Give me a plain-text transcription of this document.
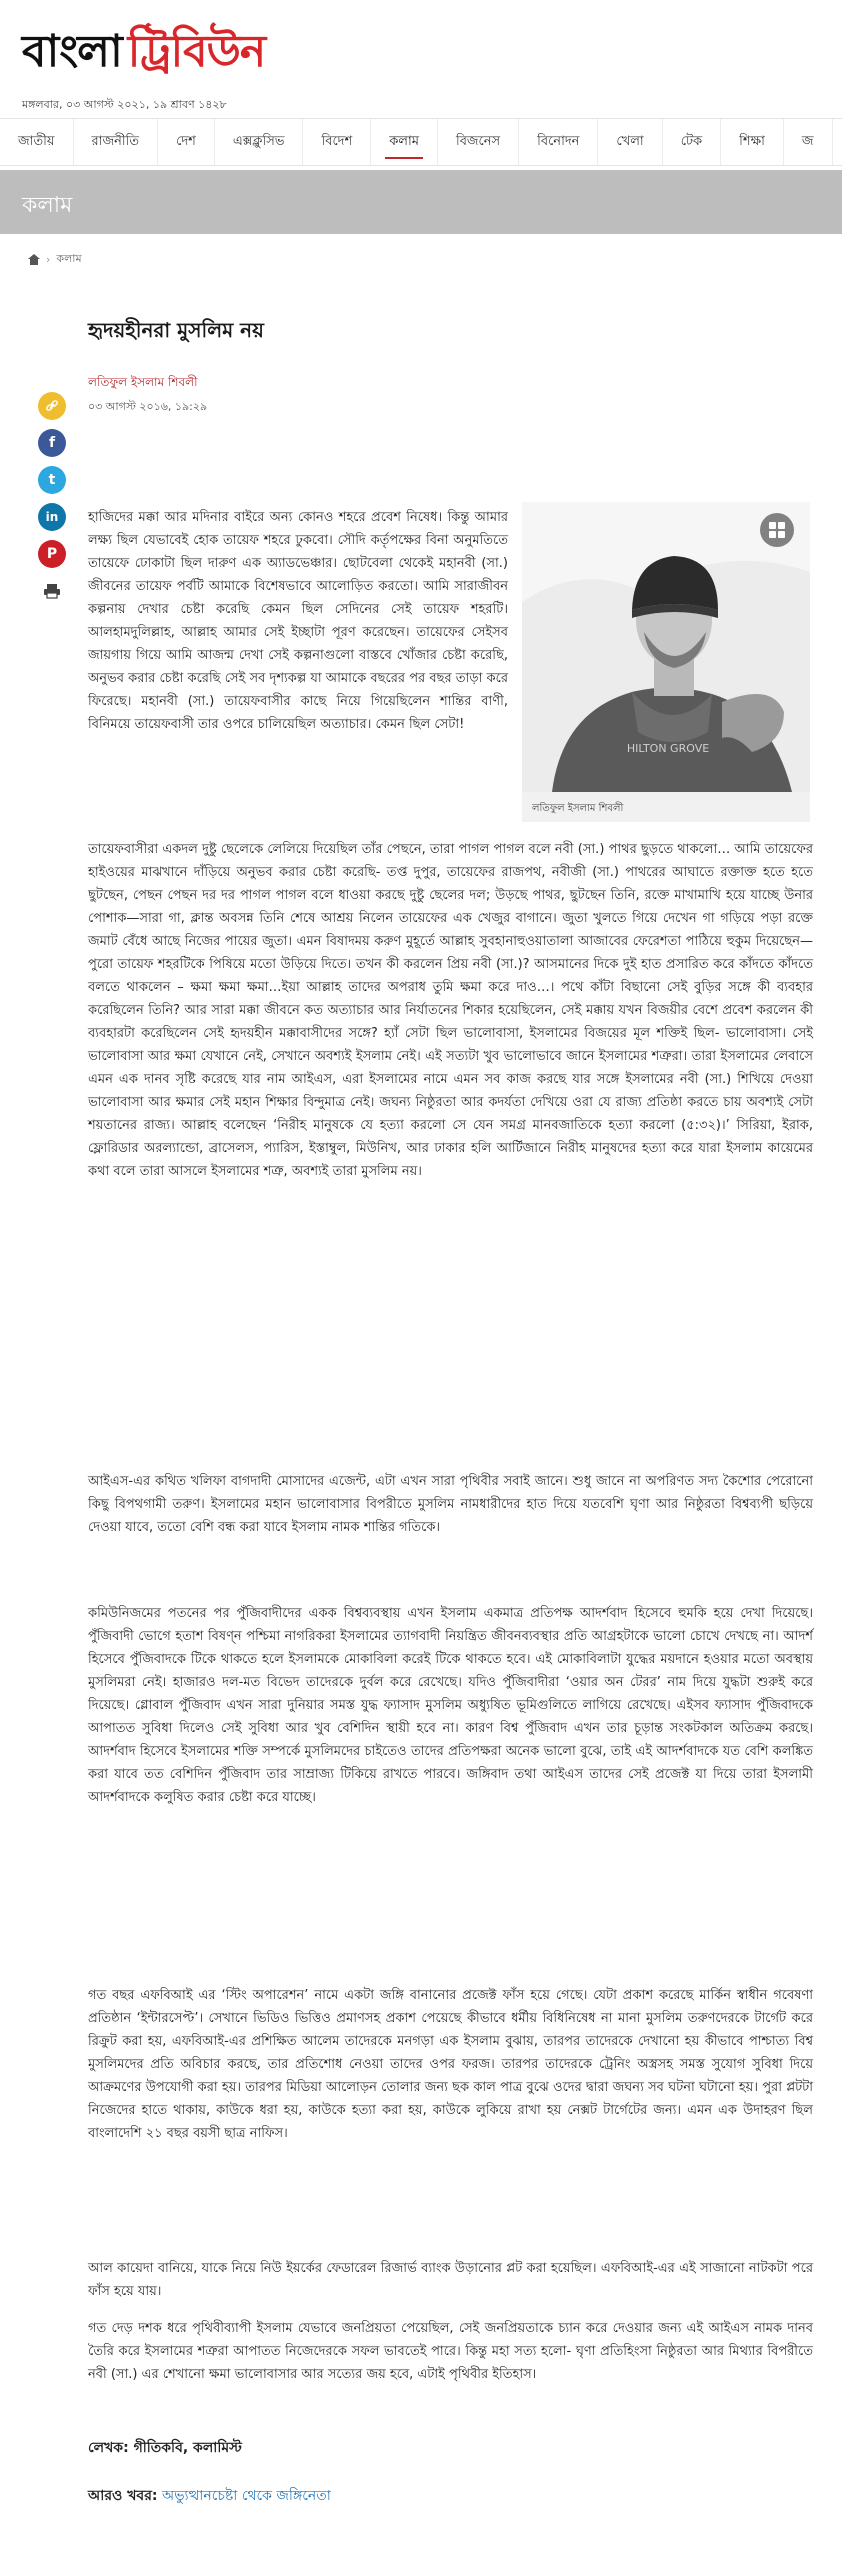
বাংলা ট্রিবিউন
মঙ্গলবার, ০৩ আগস্ট ২০২১, ১৯ শ্রাবণ ১৪২৮
জাতীয়	রাজনীতি	দেশ	এক্সক্লুসিভ	বিদেশ	কলাম	বিজনেস	বিনোদন	খেলা	টেক	শিক্ষা	জ
কলাম
› কলাম
f
t
in
P
হৃদয়হীনরা মুসলিম নয়
লতিফুল ইসলাম শিবলী
০৩ আগস্ট ২০১৬, ১৯:২৯
HILTON GROVE
লতিফুল ইসলাম শিবলী
হাজিদের মক্কা আর মদিনার বাইরে অন্য কোনও শহরে প্রবেশ নিষেধ। কিন্তু আমার লক্ষ্য ছিল যেভাবেই হোক তায়েফ শহরে ঢুকবো। সৌদি কর্তৃপক্ষের বিনা অনুমতিতে তায়েফে ঢোকাটা ছিল দারুণ এক অ্যাডভেঞ্চার। ছোটবেলা থেকেই মহানবী (সা.) জীবনের তায়েফ পর্বটি আমাকে বিশেষভাবে আলোড়িত করতো। আমি সারাজীবন কল্পনায় দেখার চেষ্টা করেছি কেমন ছিল সেদিনের সেই তায়েফ শহরটি। আলহামদুলিল্লাহ, আল্লাহ আমার সেই ইচ্ছাটা পূরণ করেছেন। তায়েফের সেইসব জায়গায় গিয়ে আমি আজন্ম দেখা সেই কল্পনাগুলো বাস্তবে খোঁজার চেষ্টা করেছি, অনুভব করার চেষ্টা করেছি সেই সব দৃশ্যকল্প যা আমাকে বছরের পর বছর তাড়া করে ফিরেছে। মহানবী (সা.) তায়েফবাসীর কাছে নিয়ে গিয়েছিলেন শান্তির বাণী, বিনিময়ে তায়েফবাসী তার ওপরে চালিয়েছিল অত্যাচার। কেমন ছিল সেটা!
তায়েফবাসীরা একদল দুষ্টু ছেলেকে লেলিয়ে দিয়েছিল তাঁর পেছনে, তারা পাগল পাগল বলে নবী (সা.) পাথর ছুড়তে থাকলো… আমি তায়েফের হাইওয়ের মাঝখানে দাঁড়িয়ে অনুভব করার চেষ্টা করেছি- তপ্ত দুপুর, তায়েফের রাজপথ, নবীজী (সা.) পাথরের আঘাতে রক্তাক্ত হতে হতে ছুটছেন, পেছন পেছন দর দর পাগল পাগল বলে ধাওয়া করছে দুষ্টু ছেলের দল; উড়ছে পাথর, ছুটছেন তিনি, রক্তে মাখামাখি হয়ে যাচ্ছে উনার পোশাক—সারা গা, ক্লান্ত অবসন্ন তিনি শেষে আশ্রয় নিলেন তায়েফের এক খেজুর বাগানে। জুতা খুলতে গিয়ে দেখেন গা গড়িয়ে পড়া রক্তে জমাট বেঁধে আছে নিজের পায়ের জুতা। এমন বিষাদময় করুণ মুহূর্তে আল্লাহ সুবহানাহুওয়াতালা আজাবের ফেরেশতা পাঠিয়ে হুকুম দিয়েছেন—পুরো তায়েফ শহরটিকে পিষিয়ে মতো উড়িয়ে দিতে। তখন কী করলেন প্রিয় নবী (সা.)? আসমানের দিকে দুই হাত প্রসারিত করে কাঁদতে কাঁদতে বলতে থাকলেন – ক্ষমা ক্ষমা ক্ষমা…ইয়া আল্লাহ তাদের অপরাধ তুমি ক্ষমা করে দাও…। পথে কাঁটা বিছানো সেই বুড়ির সঙ্গে কী ব্যবহার করেছিলেন তিনি? আর সারা মক্কা জীবনে কত অত্যাচার আর নির্যাতনের শিকার হয়েছিলেন, সেই মক্কায় যখন বিজয়ীর বেশে প্রবেশ করলেন কী ব্যবহারটা করেছিলেন সেই হৃদয়হীন মক্কাবাসীদের সঙ্গে? হ্যাঁ সেটা ছিল ভালোবাসা, ইসলামের বিজয়ের মূল শক্তিই ছিল- ভালোবাসা। সেই ভালোবাসা আর ক্ষমা যেখানে নেই, সেখানে অবশ্যই ইসলাম নেই। এই সত্যটা খুব ভালোভাবে জানে ইসলামের শত্রুরা। তারা ইসলামের লেবাসে এমন এক দানব সৃষ্টি করেছে যার নাম আইএস, এরা ইসলামের নামে এমন সব কাজ করছে যার সঙ্গে ইসলামের নবী (সা.) শিখিয়ে দেওয়া ভালোবাসা আর ক্ষমার সেই মহান শিক্ষার বিন্দুমাত্র নেই। জঘন্য নিষ্ঠুরতা আর কদর্যতা দেখিয়ে ওরা যে রাজ্য প্রতিষ্ঠা করতে চায় অবশ্যই সেটা শয়তানের রাজ্য। আল্লাহ বলেছেন ‘নিরীহ মানুষকে যে হত্যা করলো সে যেন সমগ্র মানবজাতিকে হত্যা করলো (৫:৩২)।’ সিরিয়া, ইরাক, ফ্লোরিডার অরল্যান্ডো, ব্রাসেলস, প্যারিস, ইস্তাম্বুল, মিউনিখ, আর ঢাকার হলি আর্টিজানে নিরীহ মানুষদের হত্যা করে যারা ইসলাম কায়েমের কথা বলে তারা আসলে ইসলামের শত্রু, অবশ্যই তারা মুসলিম নয়।
আইএস-এর কথিত খলিফা বাগদাদী মোসাদের এজেন্ট, এটা এখন সারা পৃথিবীর সবাই জানে। শুধু জানে না অপরিণত সদ্য কৈশোর পেরোনো কিছু বিপথগামী তরুণ। ইসলামের মহান ভালোবাসার বিপরীতে মুসলিম নামধারীদের হাত দিয়ে যতবেশি ঘৃণা আর নিষ্ঠুরতা বিশ্বব্যপী ছড়িয়ে দেওয়া যাবে, ততো বেশি বন্ধ করা যাবে ইসলাম নামক শান্তির গতিকে।
কমিউনিজমের পতনের পর পুঁজিবাদীদের একক বিশ্বব্যবস্থায় এখন ইসলাম একমাত্র প্রতিপক্ষ আদর্শবাদ হিসেবে হুমকি হয়ে দেখা দিয়েছে। পুঁজিবাদী ভোগে হতাশ বিষণ্ন পশ্চিমা নাগরিকরা ইসলামের ত্যাগবাদী নিয়ন্ত্রিত জীবনব্যবস্থার প্রতি আগ্রহটাকে ভালো চোখে দেখছে না। আদর্শ হিসেবে পুঁজিবাদকে টিকে থাকতে হলে ইসলামকে মোকাবিলা করেই টিকে থাকতে হবে। এই মোকাবিলাটা যুদ্ধের ময়দানে হওয়ার মতো অবস্থায় মুসলিমরা নেই। হাজারও দল-মত বিভেদ তাদেরকে দুর্বল করে রেখেছে। যদিও পুঁজিবাদীরা ‘ওয়ার অন টেরর’ নাম দিয়ে যুদ্ধটা শুরুই করে দিয়েছে। গ্লোবাল পুঁজিবাদ এখন সারা দুনিয়ার সমস্ত যুদ্ধ ফ্যাসাদ মুসলিম অধ্যুষিত ভূমিগুলিতে লাগিয়ে রেখেছে। এইসব ফ্যাসাদ পুঁজিবাদকে আপাতত সুবিধা দিলেও সেই সুবিধা আর খুব বেশিদিন স্থায়ী হবে না। কারণ বিশ্ব পুঁজিবাদ এখন তার চূড়ান্ত সংকটকাল অতিক্রম করছে। আদর্শবাদ হিসেবে ইসলামের শক্তি সম্পর্কে মুসলিমদের চাইতেও তাদের প্রতিপক্ষরা অনেক ভালো বুঝে, তাই এই আদর্শবাদকে যত বেশি কলঙ্কিত করা যাবে তত বেশিদিন পুঁজিবাদ তার সাম্রাজ্য টিকিয়ে রাখতে পারবে। জঙ্গিবাদ তথা আইএস তাদের সেই প্রজেক্ট যা দিয়ে তারা ইসলামী আদর্শবাদকে কলুষিত করার চেষ্টা করে যাচ্ছে।
গত বছর এফবিআই এর ‘স্টিং অপারেশন’ নামে একটা জঙ্গি বানানোর প্রজেক্ট ফাঁস হয়ে গেছে। যেটা প্রকাশ করেছে মার্কিন স্বাধীন গবেষণা প্রতিষ্ঠান ‘ইন্টারসেপ্ট’। সেখানে ভিডিও ভিত্তিও প্রমাণসহ প্রকাশ পেয়েছে কীভাবে ধর্মীয় বিধিনিষেধ না মানা মুসলিম তরুণদেরকে টার্গেট করে রিক্রুট করা হয়, এফবিআই-এর প্রশিক্ষিত আলেম তাদেরকে মনগড়া এক ইসলাম বুঝায়, তারপর তাদেরকে দেখানো হয় কীভাবে পাশ্চাত্য বিশ্ব মুসলিমদের প্রতি অবিচার করছে, তার প্রতিশোধ নেওয়া তাদের ওপর ফরজ। তারপর তাদেরকে ট্রেনিং অস্ত্রসহ সমস্ত সুযোগ সুবিধা দিয়ে আক্রমণের উপযোগী করা হয়। তারপর মিডিয়া আলোড়ন তোলার জন্য ছক কাল পাত্র বুঝে ওদের দ্বারা জঘন্য সব ঘটনা ঘটানো হয়। পুরা প্লটটা নিজেদের হাতে থাকায়, কাউকে ধরা হয়, কাউকে হত্যা করা হয়, কাউকে লুকিয়ে রাখা হয় নেক্সট টার্গেটের জন্য। এমন এক উদাহরণ ছিল বাংলাদেশি ২১ বছর বয়সী ছাত্র নাফিস।
আল কায়েদা বানিয়ে, যাকে নিয়ে নিউ ইয়র্কের ফেডারেল রিজার্ভ ব্যাংক উড়ানোর প্লট করা হয়েছিল। এফবিআই-এর এই সাজানো নাটকটা পরে ফাঁস হয়ে যায়।
গত দেড় দশক ধরে পৃথিবীব্যাপী ইসলাম যেভাবে জনপ্রিয়তা পেয়েছিল, সেই জনপ্রিয়তাকে চ্যান করে দেওয়ার জন্য এই আইএস নামক দানব তৈরি করে ইসলামের শত্রুরা আপাতত নিজেদেরকে সফল ভাবতেই পারে। কিন্তু মহা সত্য হলো- ঘৃণা প্রতিহিংসা নিষ্ঠুরতা আর মিথ্যার বিপরীতে নবী (সা.) এর শেখানো ক্ষমা ভালোবাসার আর সত্যের জয় হবে, এটাই পৃথিবীর ইতিহাস।
লেখক: গীতিকবি, কলামিস্ট
আরও খবর: অভ্যুত্থানচেষ্টা থেকে জঙ্গিনেতা
